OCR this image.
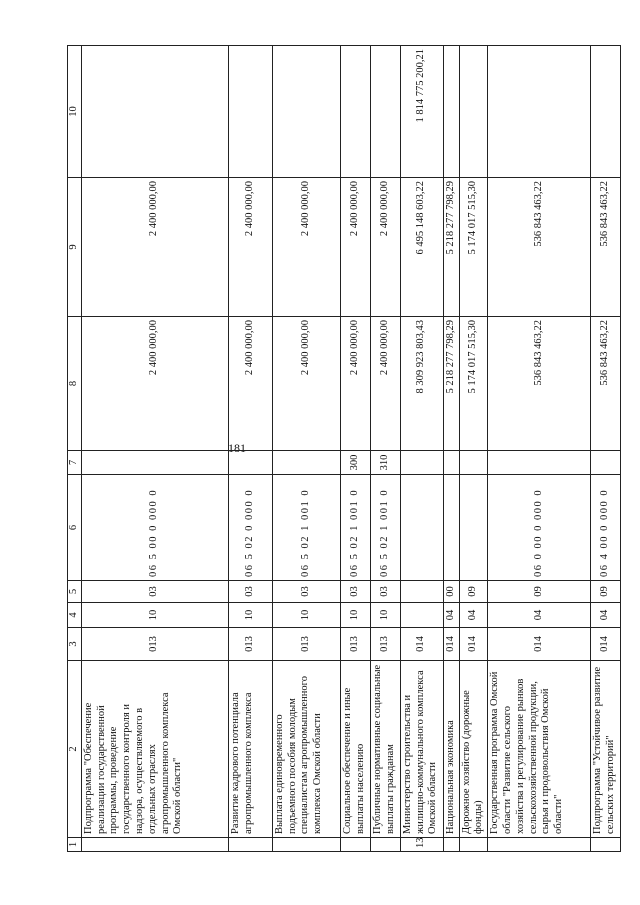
181
1	2	3	4	5	6	7	8	9	10
	Подпрограмма "Обеспечение реализации государственной программы, проведение государственного контроля и надзора, осуществляемого в отдельных отраслях агропромышленного комплекса Омской области"	013	10	03	06 5 00 0 000 0		2 400 000,00	2 400 000,00	
	Развитие кадрового потенциала агропромышленного комплекса	013	10	03	06 5 02 0 000 0		2 400 000,00	2 400 000,00	
	Выплата единовременного подъемного пособия молодым специалистам агропромышленного комплекса Омской области	013	10	03	06 5 02 1 001 0		2 400 000,00	2 400 000,00	
	Социальное обеспечение и иные выплаты населению	013	10	03	06 5 02 1 001 0	300	2 400 000,00	2 400 000,00	
	Публичные нормативные социальные выплаты гражданам	013	10	03	06 5 02 1 001 0	310	2 400 000,00	2 400 000,00	
13	Министерство строительства и жилищно-коммунального комплекса Омской области	014					8 309 923 803,43	6 495 148 603,22	1 814 775 200,21
	Национальная экономика	014	04	00			5 218 277 798,29	5 218 277 798,29	
	Дорожное хозяйство (дорожные фонды)	014	04	09			5 174 017 515,30	5 174 017 515,30	
	Государственная программа Омской области "Развитие сельского хозяйства и регулирование рынков сельскохозяйственной продукции, сырья и продовольствия Омской области"	014	04	09	06 0 00 0 000 0		536 843 463,22	536 843 463,22	
	Подпрограмма "Устойчивое развитие сельских территорий"	014	04	09	06 4 00 0 000 0		536 843 463,22	536 843 463,22	
